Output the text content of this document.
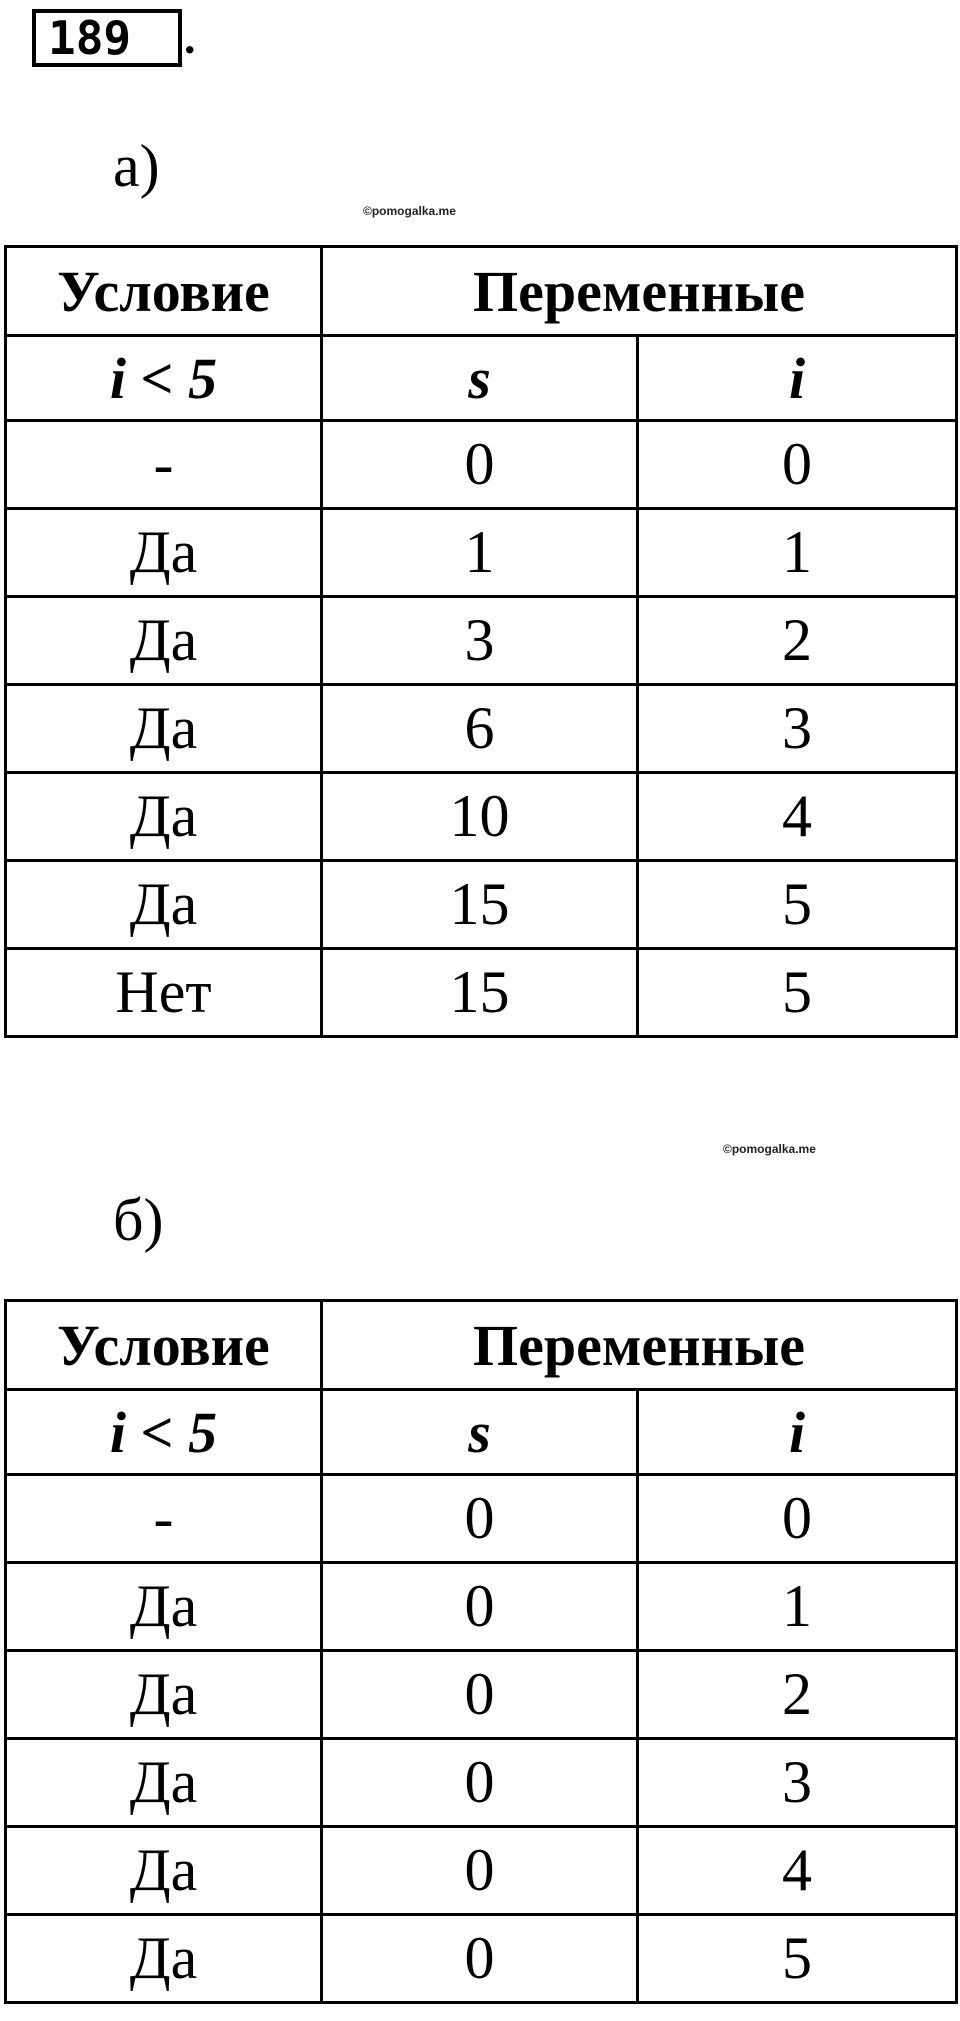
189 .
а)
©pomogalka.me
Условие	Переменные	
i < 5	s	i
-	0	0
Да	1	1
Да	3	2
Да	6	3
Да	10	4
Да	15	5
Нет	15	5
©pomogalka.me
б)
Условие	Переменные	
i < 5	s	i
-	0	0
Да	0	1
Да	0	2
Да	0	3
Да	0	4
Да	0	5
